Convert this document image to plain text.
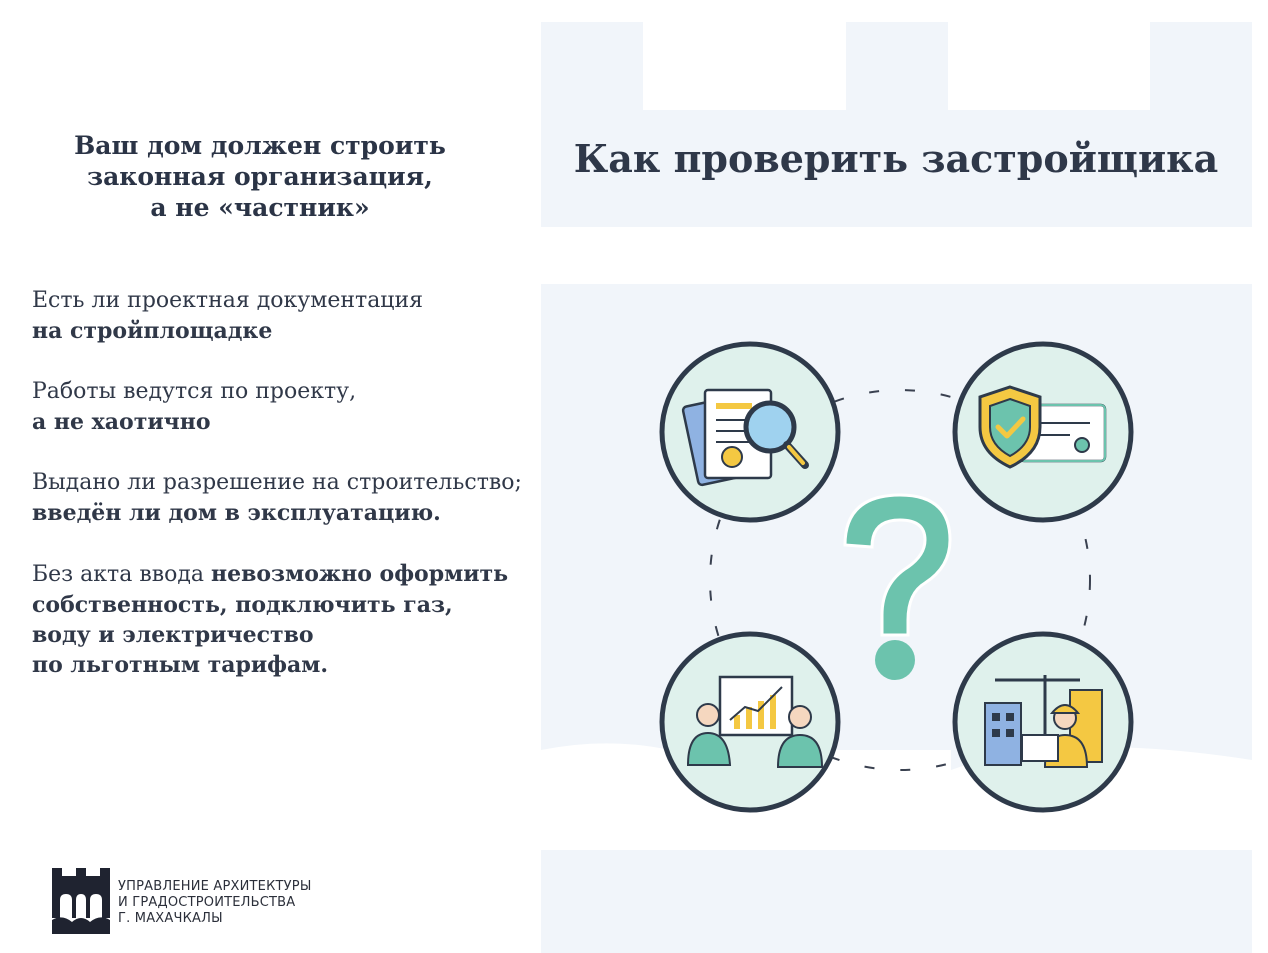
Ваш дом должен строить
законная организация,
а не «частник»
Как проверить застройщика
Есть ли проектная документация
на стройплощадке
Работы ведутся по проекту,
а не хаотично
Выдано ли разрешение на строительство;
введён ли дом в эксплуатацию.
Без акта ввода невозможно оформить
собственность, подключить газ,
воду и электричество
по льготным тарифам.
УПРАВЛЕНИЕ АРХИТЕКТУРЫ
И ГРАДОСТРОИТЕЛЬСТВА
Г. МАХАЧКАЛЫ
